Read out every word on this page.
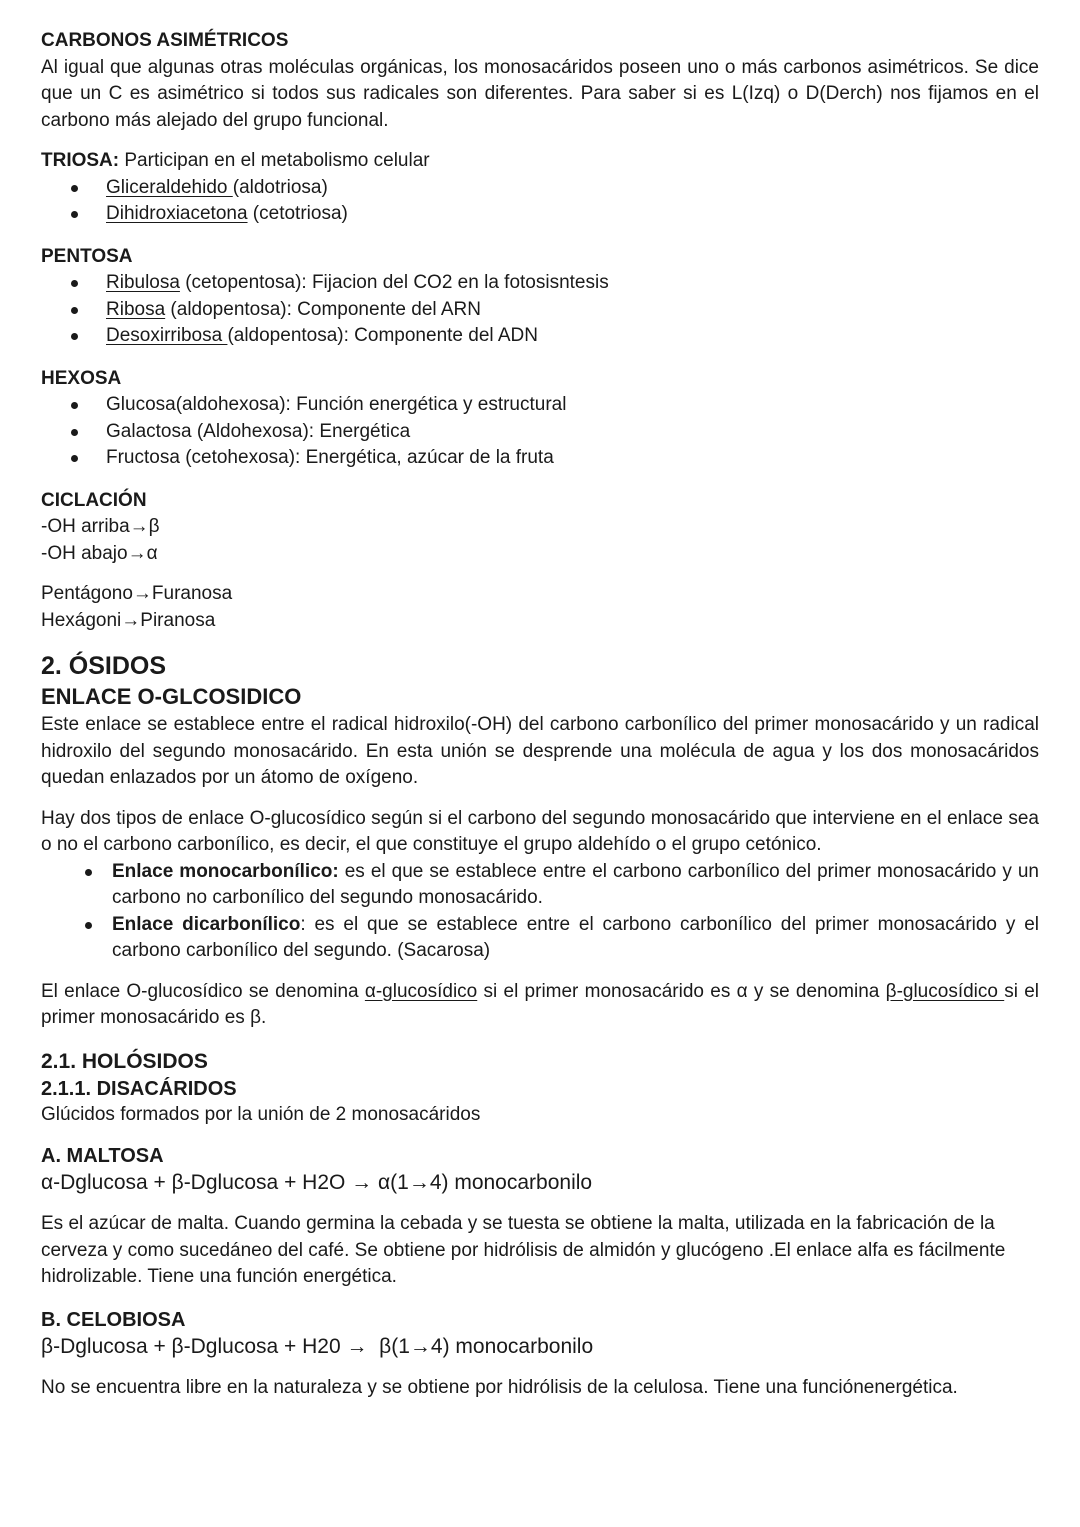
CARBONOS ASIMÉTRICOS

Al igual que algunas otras moléculas orgánicas, los monosacáridos poseen uno o más carbonos asimétricos. Se dice que un C es asimétrico si todos sus radicales son diferentes. Para saber si es L(Izq) o D(Derch) nos fijamos en el carbono más alejado del grupo funcional.

TRIOSA: Participan en el metabolismo celular

Gliceraldehido (aldotriosa)
Dihidroxiacetona (cetotriosa)

PENTOSA

Ribulosa (cetopentosa): Fijacion del CO2 en la fotosisntesis
Ribosa (aldopentosa): Componente del ARN
Desoxirribosa (aldopentosa): Componente del ADN

HEXOSA

Glucosa(aldohexosa): Función energética y estructural
Galactosa (Aldohexosa): Energética
Fructosa (cetohexosa): Energética, azúcar de la fruta

CICLACIÓN

-OH arriba→β

-OH abajo→α

Pentágono→Furanosa

Hexágoni→Piranosa

2. ÓSIDOS

ENLACE O-GLCOSIDICO

Este enlace se establece entre el radical hidroxilo(-OH) del carbono carbonílico del primer monosacárido y un radical hidroxilo del segundo monosacárido. En esta unión se desprende una molécula de agua y los dos monosacáridos quedan enlazados por un átomo de oxígeno.

Hay dos tipos de enlace O-glucosídico según si el carbono del segundo monosacárido que interviene en el enlace sea o no el carbono carbonílico, es decir, el que constituye el grupo aldehído o el grupo cetónico.

Enlace monocarbonílico: es el que se establece entre el carbono carbonílico del primer monosacárido y un carbono no carbonílico del segundo monosacárido.
Enlace dicarbonílico: es el que se establece entre el carbono carbonílico del primer monosacárido y el carbono carbonílico del segundo. (Sacarosa)

El enlace O-glucosídico se denomina α-glucosídico si el primer monosacárido es α y se denomina β-glucosídico si el primer monosacárido es β.

2.1. HOLÓSIDOS

2.1.1. DISACÁRIDOS

Glúcidos formados por la unión de 2 monosacáridos

A. MALTOSA

α-Dglucosa + β-Dglucosa + H2O → α(1→4) monocarbonilo

Es el azúcar de malta. Cuando germina la cebada y se tuesta se obtiene la malta, utilizada en la fabricación de la cerveza y como sucedáneo del café. Se obtiene por hidrólisis de almidón y glucógeno .El enlace alfa es fácilmente hidrolizable. Tiene una función energética.

B. CELOBIOSA

β-Dglucosa + β-Dglucosa + H20 →  β(1→4) monocarbonilo

No se encuentra libre en la naturaleza y se obtiene por hidrólisis de la celulosa. Tiene una funciónenergética.
